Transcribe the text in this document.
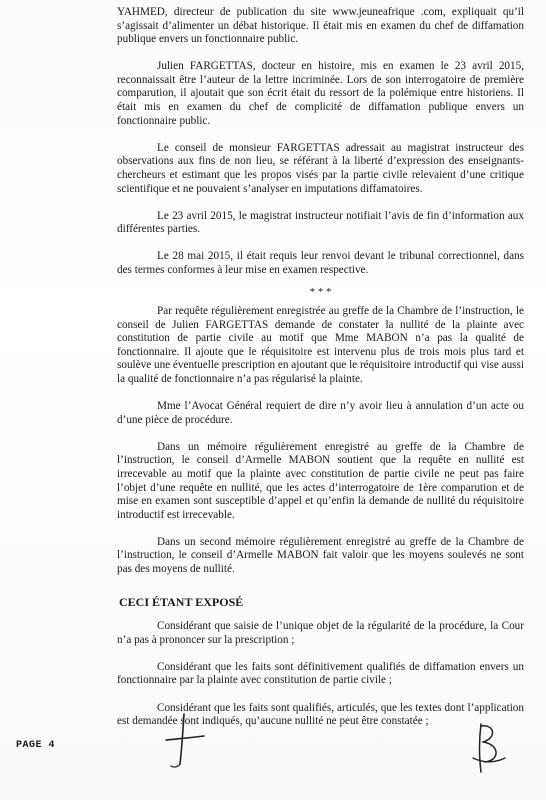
YAHMED, directeur de publication du site www.jeuneafrique .com, expliquait qu’il s’agissait d’alimenter un débat historique. Il était mis en examen du chef de diffamation publique envers un fonctionnaire public.

Julien FARGETTAS, docteur en histoire, mis en examen le 23 avril 2015, reconnaissait être l’auteur de la lettre incriminée. Lors de son interrogatoire de première comparution, il ajoutait que son écrit était du ressort de la polémique entre historiens. Il était mis en examen du chef de complicité de diffamation publique envers un fonctionnaire public.

Le conseil de monsieur FARGETTAS adressait au magistrat instructeur des observations aux fins de non lieu, se référant à la liberté d’expression des enseignants-chercheurs et estimant que les propos visés par la partie civile relevaient d’une critique scientifique et ne pouvaient s’analyser en imputations diffamatoires.

Le 23 avril 2015, le magistrat instructeur notifiait l’avis de fin d’information aux différentes parties.

Le 28 mai 2015, il était requis leur renvoi devant le tribunal correctionnel, dans des termes conformes à leur mise en examen respective.

* * *

Par requête régulièrement enregistrée au greffe de la Chambre de l’instruction, le conseil de Julien FARGETTAS demande de constater la nullité de la plainte avec constitution de partie civile au motif que Mme MABON n’a pas la qualité de fonctionnaire. Il ajoute que le réquisitoire est intervenu plus de trois mois plus tard et soulève une éventuelle prescription en ajoutant que le réquisitoire introductif qui vise aussi la qualité de fonctionnaire n’a pas régularisé la plainte.

Mme l’Avocat Général requiert de dire n’y avoir lieu à annulation d’un acte ou d’une pièce de procédure.

Dans un mémoire régulièrement enregistré au greffe de la Chambre de l’instruction, le conseil d’Armelle MABON soutient que la requête en nullité est irrecevable au motif que la plainte avec constitution de partie civile ne peut pas faire l’objet d’une requête en nullité, que les actes d’interrogatoire de 1ère comparution et de mise en examen sont susceptible d’appel et qu’enfin la demande de nullité du réquisitoire introductif est irrecevable.

Dans un second mémoire régulièrement enregistré au greffe de la Chambre de l’instruction, le conseil d’Armelle MABON fait valoir que les moyens soulevés ne sont pas des moyens de nullité.

CECI ÉTANT EXPOSÉ

Considérant que saisie de l’unique objet de la régularité de la procédure, la Cour n’a pas à prononcer sur la prescription ;

Considérant que les faits sont définitivement qualifiés de diffamation envers un fonctionnaire par la plainte avec constitution de partie civile ;

Considérant que les faits sont qualifiés, articulés, que les textes dont l’application est demandée sont indiqués, qu’aucune nullité ne peut être constatée ;

PAGE 4
